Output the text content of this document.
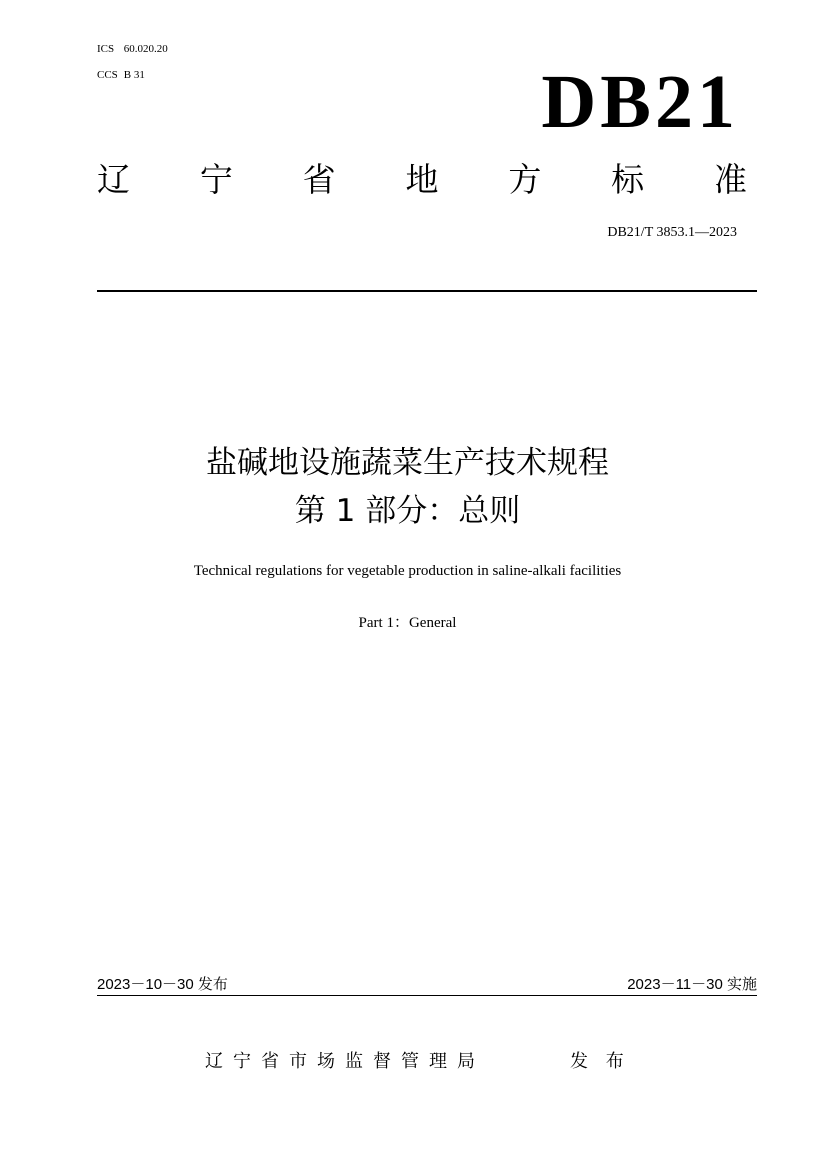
ICS 60.020.20
CCS B 31	DB21
辽 宁 省 地 方 标 准
DB21/T 3853.1—2023
盐碱地设施蔬菜生产技术规程
第 1 部分：总则
Technical regulations for vegetable production in saline-alkali facilities
Part 1：General
2023－10－30 发布	2023－11－30 实施
辽宁省市场监督管理局	发 布
